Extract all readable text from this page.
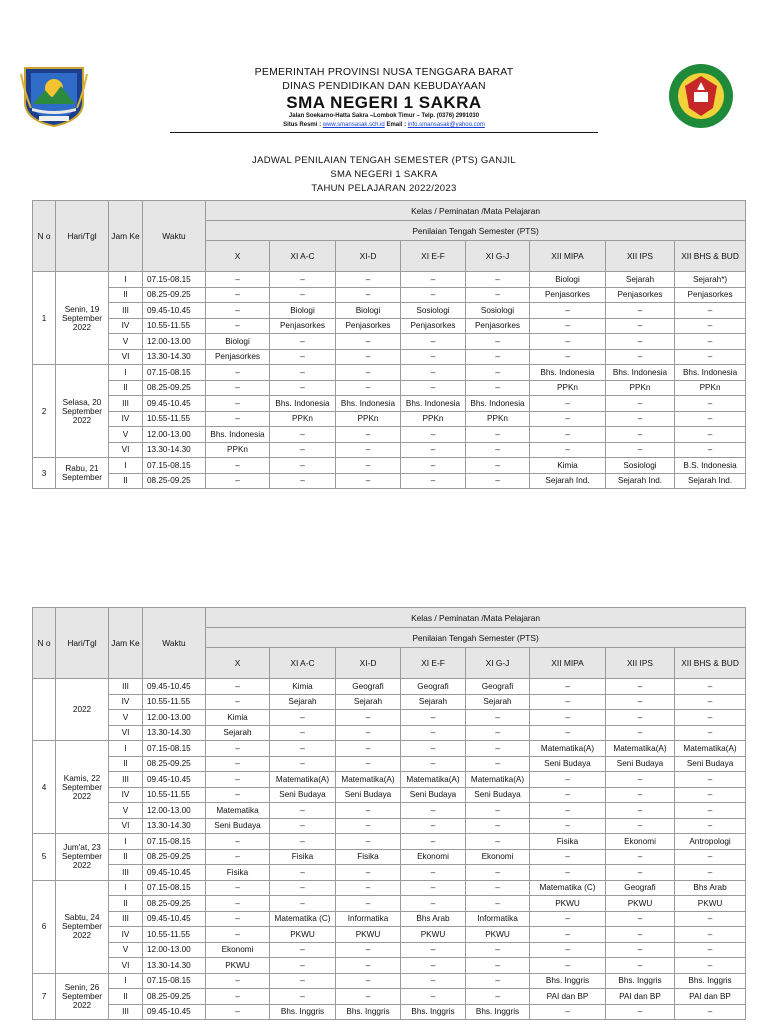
PEMERINTAH PROVINSI NUSA TENGGARA BARAT
DINAS PENDIDIKAN DAN KEBUDAYAAN
SMA NEGERI 1 SAKRA
Jalan Soekarno-Hatta Sakra –Lombok Timur – Telp. (0376) 2991030
Situs Resmi : www.smansasak.sch.id Email : info.smansasak@yahoo.com
JADWAL PENILAIAN TENGAH SEMESTER (PTS) GANJIL
SMA NEGERI 1 SAKRA
TAHUN PELAJARAN 2022/2023
N o	Hari/Tgl	Jam Ke	Waktu	Kelas / Peminatan /Mata Pelajaran							
				Penilaian Tengah Semester (PTS)							
				X	XI A-C	XI-D	XI E-F	XI G-J	XII MIPA	XII IPS	XII BHS & BUD
1	Senin, 19 September 2022	I	07.15-08.15	–	–	–	–	–	Biologi	Sejarah	Sejarah*)
		II	08.25-09.25	–	–	–	–	–	Penjasorkes	Penjasorkes	Penjasorkes
		III	09.45-10.45	–	Biologi	Biologi	Sosiologi	Sosiologi	–	–	–
		IV	10.55-11.55	–	Penjasorkes	Penjasorkes	Penjasorkes	Penjasorkes	–	–	–
		V	12.00-13.00	Biologi	–	–	–	–	–	–	–
		VI	13.30-14.30	Penjasorkes	–	–	–	–	–	–	–
2	Selasa, 20 September 2022	I	07.15-08.15	–	–	–	–	–	Bhs. Indonesia	Bhs. Indonesia	Bhs. Indonesia
		II	08.25-09.25	–	–	–	–	–	PPKn	PPKn	PPKn
		III	09.45-10.45	–	Bhs. Indonesia	Bhs. Indonesia	Bhs. Indonesia	Bhs. Indonesia	–	–	–
		IV	10.55-11.55	–	PPKn	PPKn	PPKn	PPKn	–	–	–
		V	12.00-13.00	Bhs. Indonesia	–	–	–	–	–	–	–
		VI	13.30-14.30	PPKn	–	–	–	–	–	–	–
3	Rabu, 21 September	I	07.15-08.15	–	–	–	–	–	Kimia	Sosiologi	B.S. Indonesia
		II	08.25-09.25	–	–	–	–	–	Sejarah Ind.	Sejarah Ind.	Sejarah Ind.
N o	Hari/Tgl	Jam Ke	Waktu	Kelas / Peminatan /Mata Pelajaran							
				Penilaian Tengah Semester (PTS)							
				X	XI A-C	XI-D	XI E-F	XI G-J	XII MIPA	XII IPS	XII BHS & BUD
	2022	III	09.45-10.45	–	Kimia	Geografi	Geografi	Geografi	–	–	–
		IV	10.55-11.55	–	Sejarah	Sejarah	Sejarah	Sejarah	–	–	–
		V	12.00-13.00	Kimia	–	–	–	–	–	–	–
		VI	13.30-14.30	Sejarah	–	–	–	–	–	–	–
4	Kamis, 22 September 2022	I	07.15-08.15	–	–	–	–	–	Matematika(A)	Matematika(A)	Matematika(A)
		II	08.25-09.25	–	–	–	–	–	Seni Budaya	Seni Budaya	Seni Budaya
		III	09.45-10.45	–	Matematika(A)	Matematika(A)	Matematika(A)	Matematika(A)	–	–	–
		IV	10.55-11.55	–	Seni Budaya	Seni Budaya	Seni Budaya	Seni Budaya	–	–	–
		V	12.00-13.00	Matematika	–	–	–	–	–	–	–
		VI	13.30-14.30	Seni Budaya	–	–	–	–	–	–	–
5	Jum'at, 23 September 2022	I	07.15-08.15	–	–	–	–	–	Fisika	Ekonomi	Antropologi
		II	08.25-09.25	–	Fisika	Fisika	Ekonomi	Ekonomi	–	–	–
		III	09.45-10.45	Fisika	–	–	–	–	–	–	–
6	Sabtu, 24 September 2022	I	07.15-08.15	–	–	–	–	–	Matematika (C)	Geografi	Bhs Arab
		II	08.25-09.25	–	–	–	–	–	PKWU	PKWU	PKWU
		III	09.45-10.45	–	Matematika (C)	Informatika	Bhs Arab	Informatika	–	–	–
		IV	10.55-11.55	–	PKWU	PKWU	PKWU	PKWU	–	–	–
		V	12.00-13.00	Ekonomi	–	–	–	–	–	–	–
		VI	13.30-14.30	PKWU	–	–	–	–	–	–	–
7	Senin, 26 September 2022	I	07.15-08.15	–	–	–	–	–	Bhs. Inggris	Bhs. Inggris	Bhs. Inggris
		II	08.25-09.25	–	–	–	–	–	PAI dan BP	PAI dan BP	PAI dan BP
		III	09.45-10.45	–	Bhs. Inggris	Bhs. Inggris	Bhs. Inggris	Bhs. Inggris	–	–	–
